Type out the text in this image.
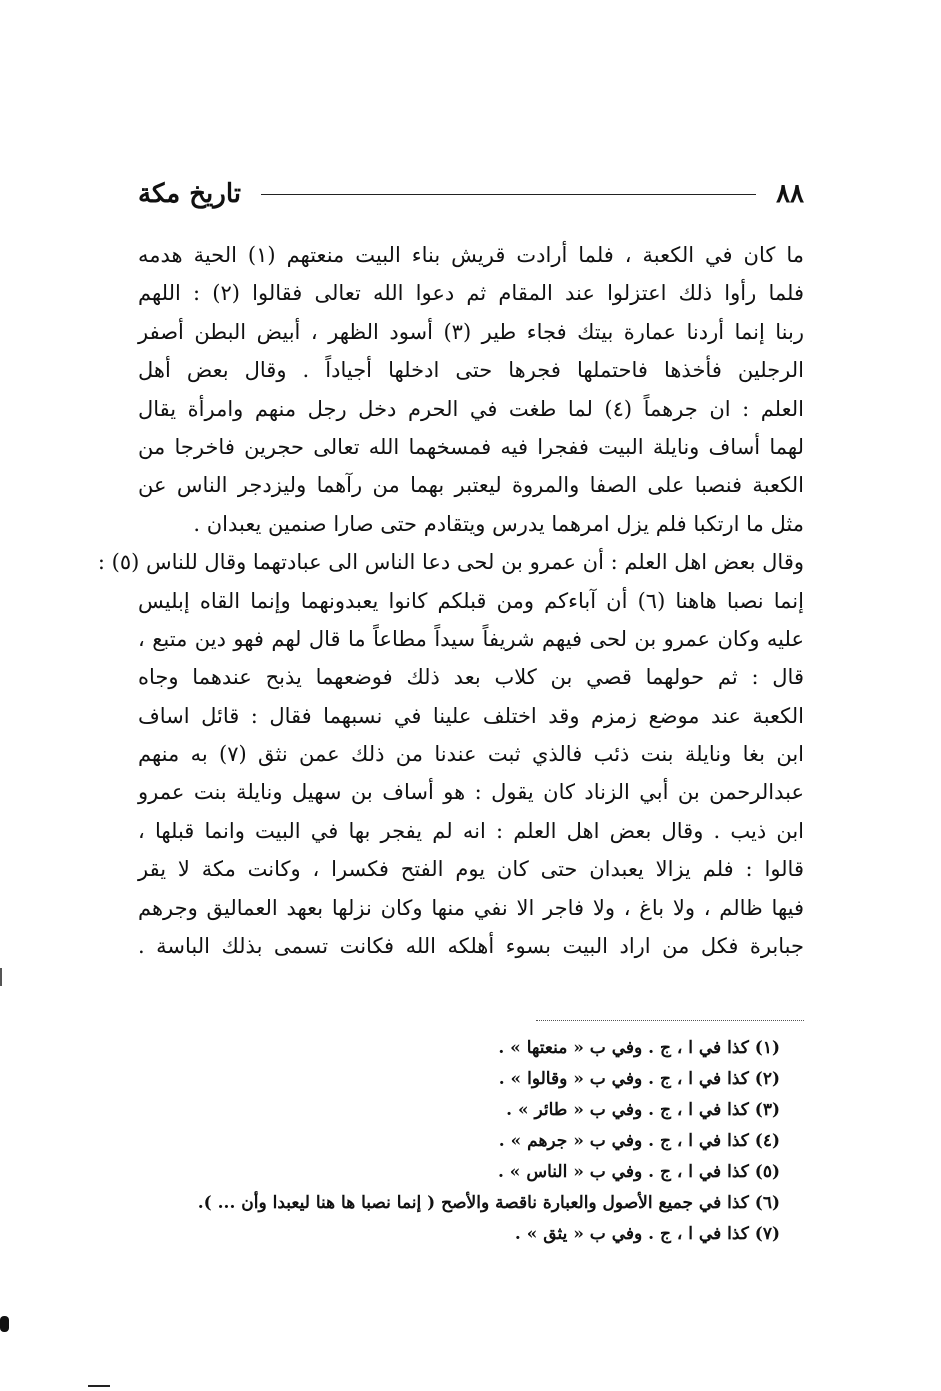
٨٨
تاريخ مكة
ما كان في الكعبة ، فلما أرادت قريش بناء البيت منعتهم (١) الحية هدمه
فلما رأوا ذلك اعتزلوا عند المقام ثم دعوا الله تعالى فقالوا (٢) : اللهم
ربنا إنما أردنا عمارة بيتك فجاء طير (٣) أسود الظهر ، أبيض البطن أصفر
الرجلين فأخذها فاحتملها فجرها حتى ادخلها أجياداً . وقال بعض أهل
العلم : ان جرهماً (٤) لما طغت في الحرم دخل رجل منهم وامرأة يقال
لهما أساف ونايلة البيت ففجرا فيه فمسخهما الله تعالى حجرين فاخرجا من
الكعبة فنصبا على الصفا والمروة ليعتبر بهما من رآهما وليزدجر الناس عن
مثل ما ارتكبا فلم يزل امرهما يدرس ويتقادم حتى صارا صنمين يعبدان .
وقال بعض اهل العلم : أن عمرو بن لحى دعا الناس الى عبادتهما وقال للناس (٥) :
إنما نصبا هاهنا (٦) أن آباءكم ومن قبلكم كانوا يعبدونهما وإنما القاه إبليس
عليه وكان عمرو بن لحى فيهم شريفاً سيداً مطاعاً ما قال لهم فهو دين متبع ،
قال : ثم حولهما قصي بن كلاب بعد ذلك فوضعهما يذبح عندهما وجاه
الكعبة عند موضع زمزم وقد اختلف علينا في نسبهما فقال : قائل اساف
ابن بغا ونايلة بنت ذئب فالذي ثبت عندنا من ذلك عمن نثق (٧) به منهم
عبدالرحمن بن أبي الزناد كان يقول : هو أساف بن سهيل ونايلة بنت عمرو
ابن ذيب . وقال بعض اهل العلم : انه لم يفجر بها في البيت وانما قبلها ،
قالوا : فلم يزالا يعبدان حتى كان يوم الفتح فكسرا ، وكانت مكة لا يقر
فيها ظالم ، ولا باغ ، ولا فاجر الا نفي منها وكان نزلها بعهد العماليق وجرهم
جبابرة فكل من اراد البيت بسوء أهلكه الله فكانت تسمى بذلك الباسة .
(١) كذا في ا ، ج . وفي ب « منعتها » .
(٢) كذا في ا ، ج . وفي ب « وقالوا » .
(٣) كذا في ا ، ج . وفي ب « طائر » .
(٤) كذا في ا ، ج . وفي ب « جرهم » .
(٥) كذا في ا ، ج . وفي ب « الناس » .
(٦) كذا في جميع الأصول والعبارة ناقصة والأصح ( إنما نصبا ها هنا ليعبدا وأن ... ).
(٧) كذا في ا ، ج . وفي ب « يثق » .
